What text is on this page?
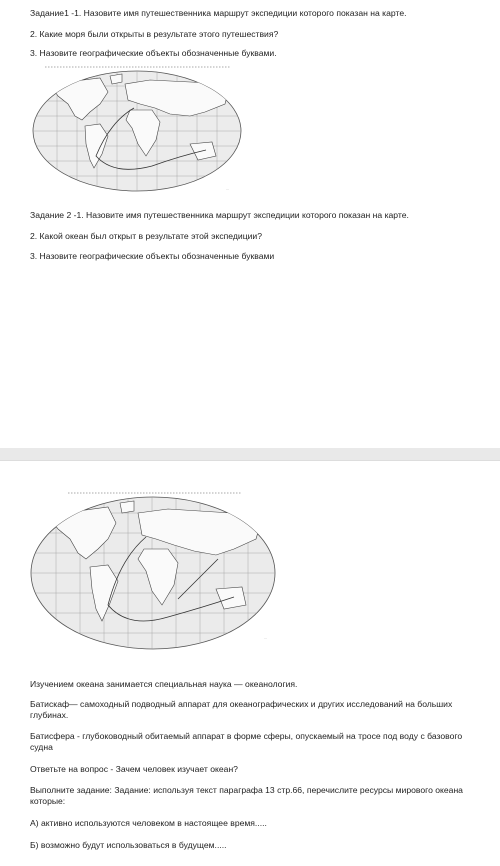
Задание1 -1. Назовите имя путешественника маршрут экспедиции которого показан на карте.
2. Какие моря были открыты в результате этого путешествия?
3. Назовите географические объекты обозначенные буквами.
···
Задание 2 -1. Назовите имя путешественника маршрут экспедиции которого показан на карте.
2. Какой океан был открыт в результате этой экспедиции?
3. Назовите географические объекты обозначенные буквами
···
Изучением океана занимается специальная наука — океанология.
Батискаф— самоходный подводный аппарат для океанографических и других исследований на больших глубинах.
Батисфера - глубоководный обитаемый аппарат в форме сферы, опускаемый на тросе под воду с базового судна
Ответьте на вопрос - Зачем человек изучает океан?
Выполните задание: Задание: используя текст параграфа 13 стр.66, перечислите ресурсы мирового океана которые:
А) активно используются человеком в настоящее время.....
Б) возможно будут использоваться в будущем.....
